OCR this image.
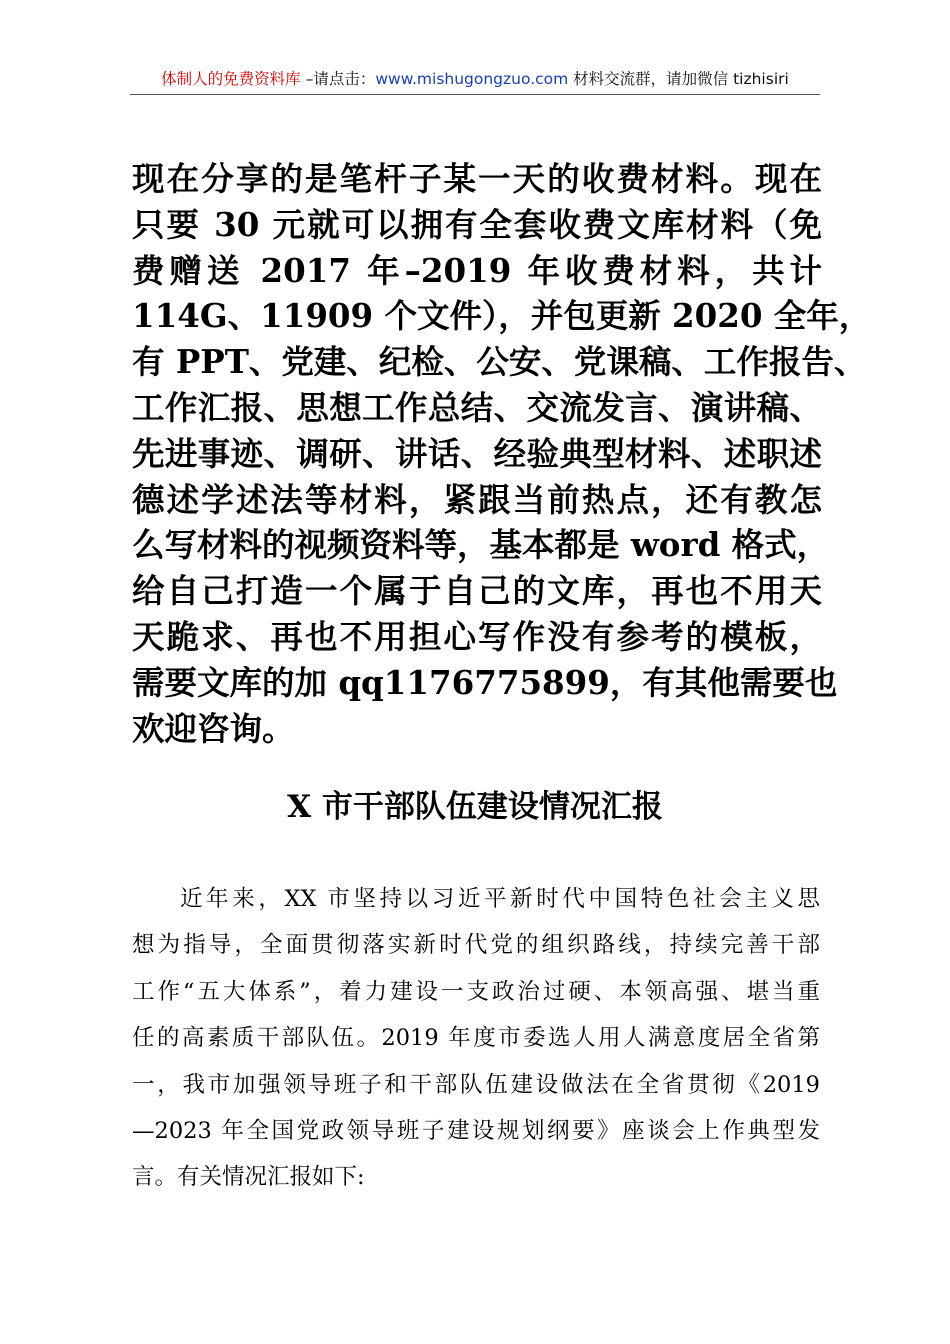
体制人的免费资料库 –请点击：www.mishugongzuo.com 材料交流群，请加微信 tizhisiri
现在分享的是笔杆子某一天的收费材料。现在
只要 30 元就可以拥有全套收费文库材料（免
费赠送 2017 年–2019 年收费材料，共计
114G、11909 个文件），并包更新 2020 全年，
有 PPT、党建、纪检、公安、党课稿、工作报告、
工作汇报、思想工作总结、交流发言、演讲稿、
先进事迹、调研、讲话、经验典型材料、述职述
德述学述法等材料，紧跟当前热点，还有教怎
么写材料的视频资料等，基本都是 word 格式，
给自己打造一个属于自己的文库，再也不用天
天跪求、再也不用担心写作没有参考的模板，
需要文库的加 qq1176775899，有其他需要也
欢迎咨询。
X 市干部队伍建设情况汇报
近年来，XX 市坚持以习近平新时代中国特色社会主义思
想为指导，全面贯彻落实新时代党的组织路线，持续完善干部
工作“五大体系”，着力建设一支政治过硬、本领高强、堪当重
任的高素质干部队伍。2019 年度市委选人用人满意度居全省第
一，我市加强领导班子和干部队伍建设做法在全省贯彻《2019
—2023 年全国党政领导班子建设规划纲要》座谈会上作典型发
言。有关情况汇报如下:
